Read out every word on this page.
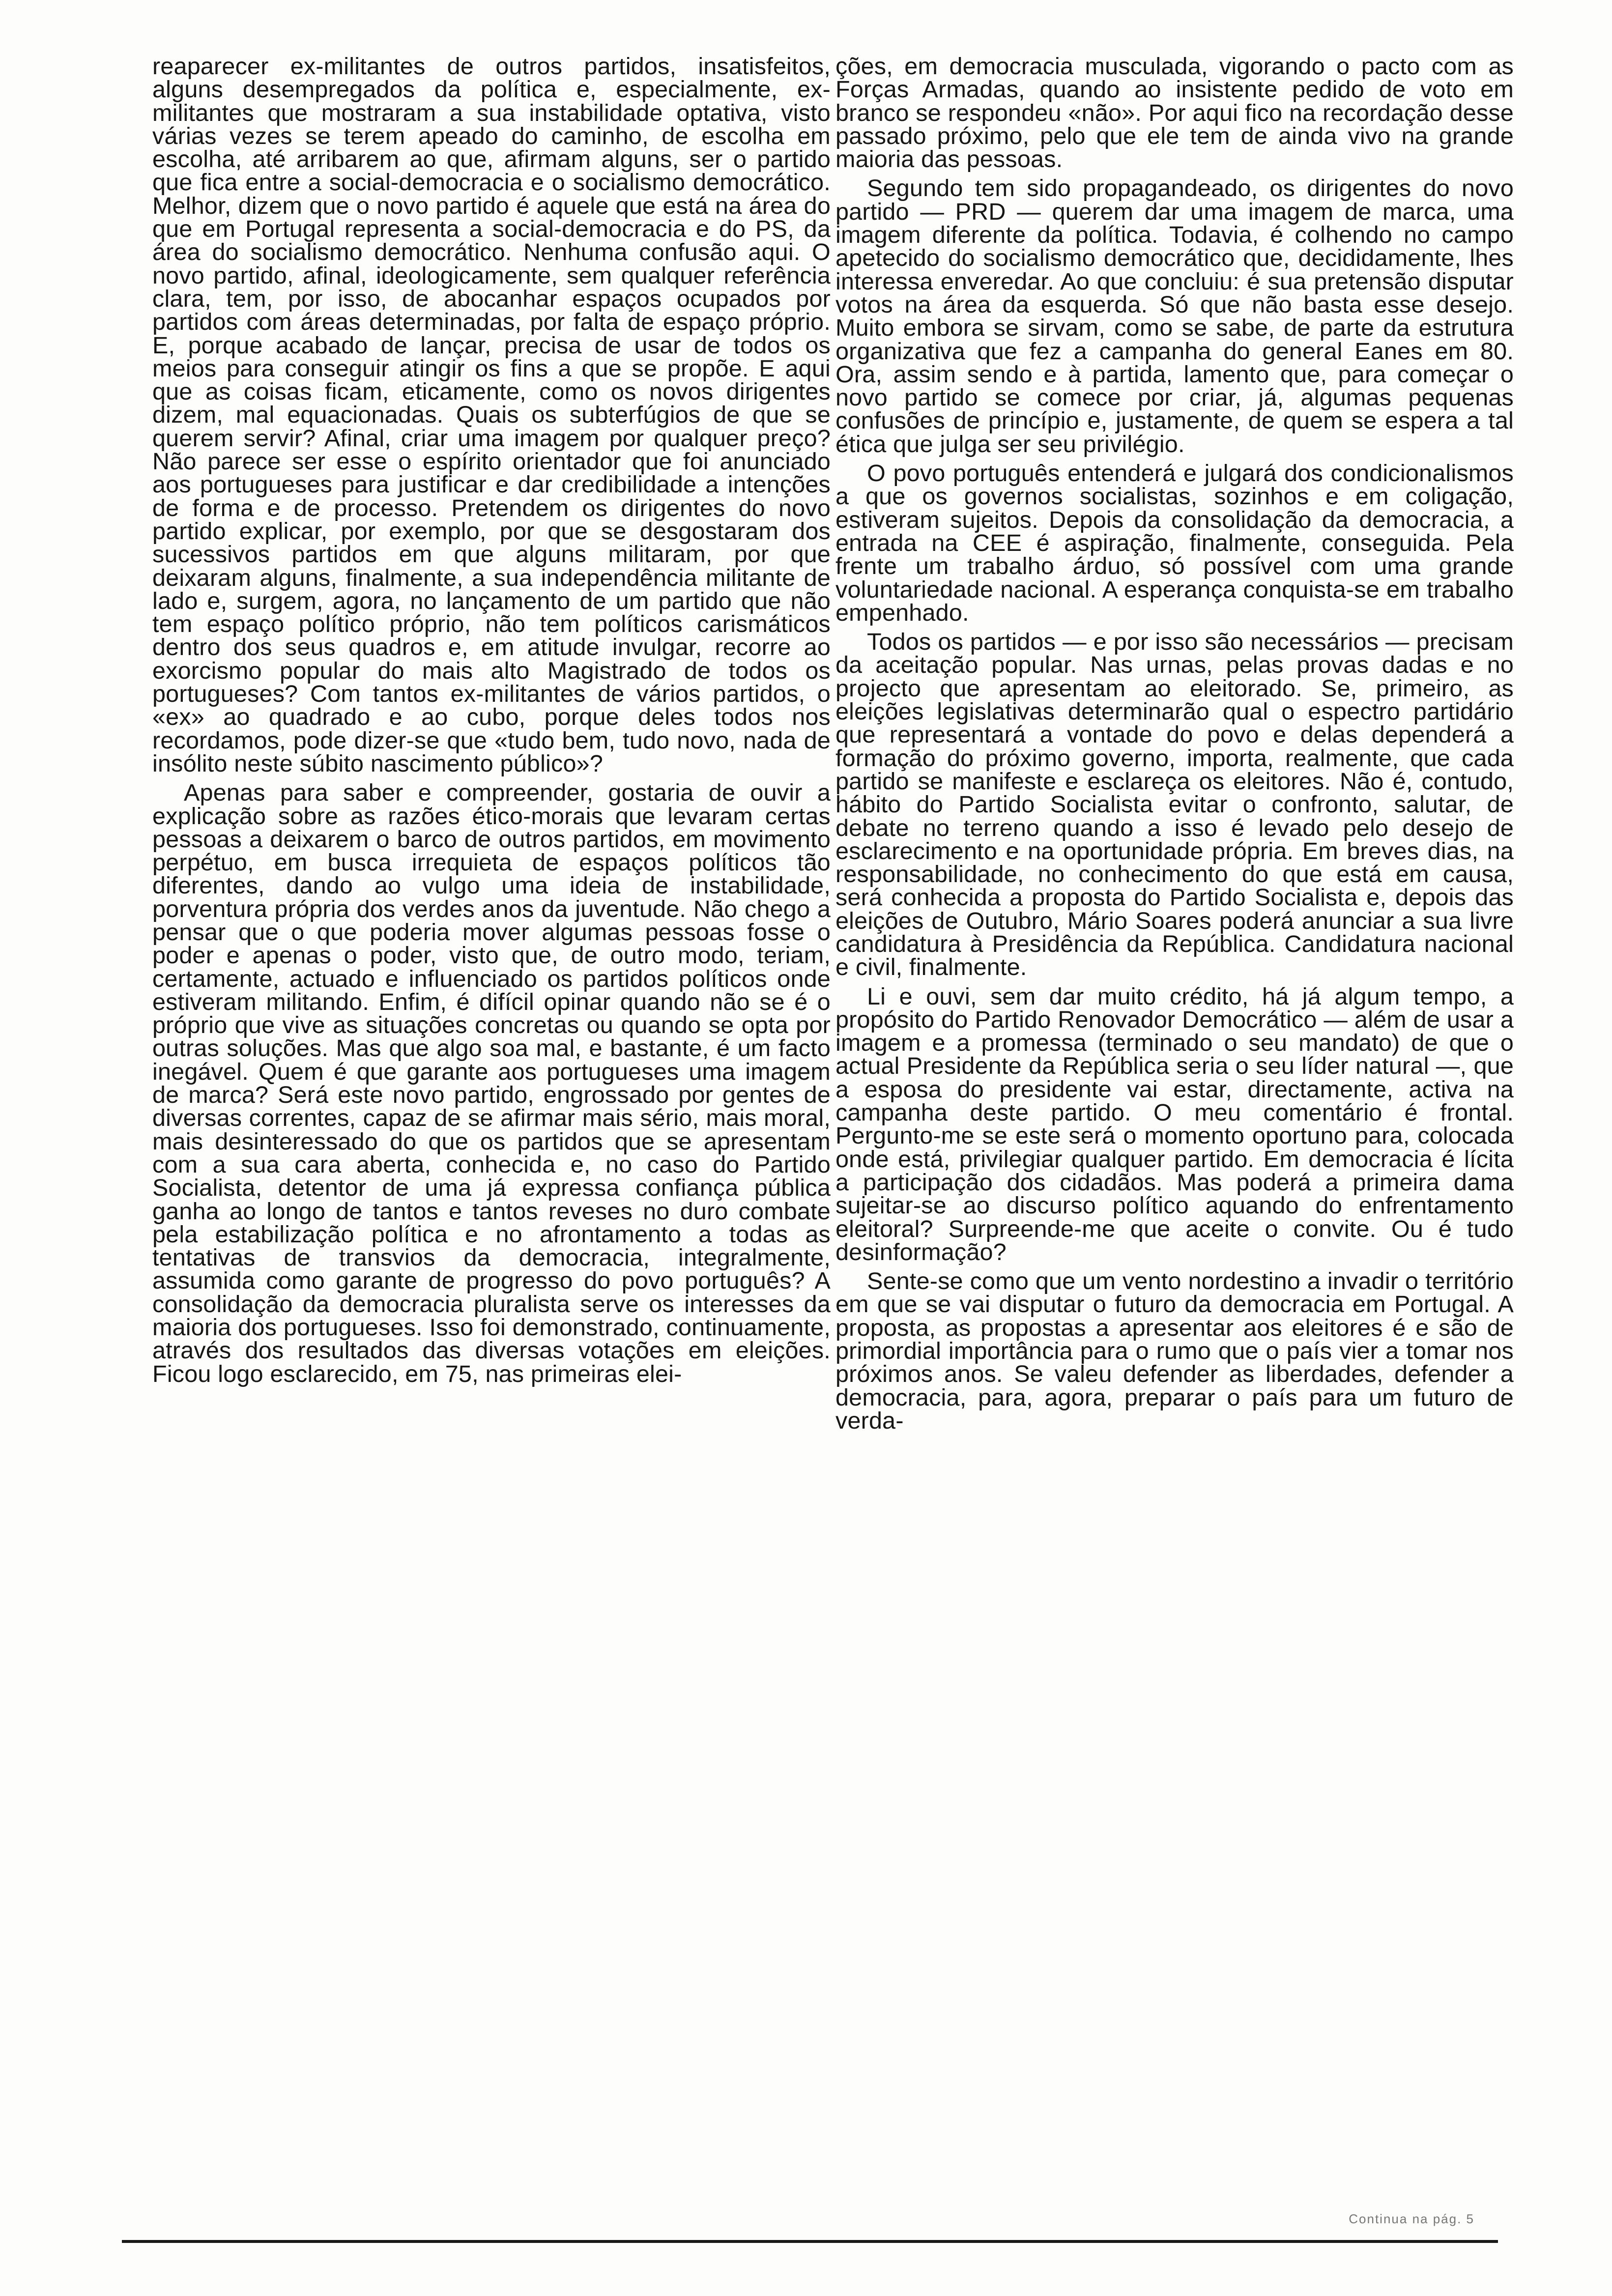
reaparecer ex-militantes de outros partidos, insatisfeitos, alguns desempregados da política e, especialmente, ex-militantes que mostraram a sua instabilidade optativa, visto várias vezes se terem apeado do caminho, de escolha em escolha, até arribarem ao que, afirmam alguns, ser o partido que fica entre a social-democracia e o socialismo democrático. Melhor, dizem que o novo partido é aquele que está na área do que em Portugal representa a social-democracia e do PS, da área do socialismo democrático. Nenhuma confusão aqui. O novo partido, afinal, ideologicamente, sem qualquer referência clara, tem, por isso, de abocanhar espaços ocupados por partidos com áreas determinadas, por falta de espaço próprio. E, porque acabado de lançar, precisa de usar de todos os meios para conseguir atingir os fins a que se propõe. E aqui que as coisas ficam, eticamente, como os novos dirigentes dizem, mal equacionadas. Quais os subterfúgios de que se querem servir? Afinal, criar uma imagem por qualquer preço? Não parece ser esse o espírito orientador que foi anunciado aos portugueses para justificar e dar credibilidade a intenções de forma e de processo. Pretendem os dirigentes do novo partido explicar, por exemplo, por que se desgostaram dos sucessivos partidos em que alguns militaram, por que deixaram alguns, finalmente, a sua independência militante de lado e, surgem, agora, no lançamento de um partido que não tem espaço político próprio, não tem políticos carismáticos dentro dos seus quadros e, em atitude invulgar, recorre ao exorcismo popular do mais alto Magistrado de todos os portugueses? Com tantos ex-militantes de vários partidos, o «ex» ao quadrado e ao cubo, porque deles todos nos recordamos, pode dizer-se que «tudo bem, tudo novo, nada de insólito neste súbito nascimento público»?

Apenas para saber e compreender, gostaria de ouvir a explicação sobre as razões ético-morais que levaram certas pessoas a deixarem o barco de outros partidos, em movimento perpétuo, em busca irrequieta de espaços políticos tão diferentes, dando ao vulgo uma ideia de instabilidade, porventura própria dos verdes anos da juventude. Não chego a pensar que o que poderia mover algumas pessoas fosse o poder e apenas o poder, visto que, de outro modo, teriam, certamente, actuado e influenciado os partidos políticos onde estiveram militando. Enfim, é difícil opinar quando não se é o próprio que vive as situações concretas ou quando se opta por outras soluções. Mas que algo soa mal, e bastante, é um facto inegável. Quem é que garante aos portugueses uma imagem de marca? Será este novo partido, engrossado por gentes de diversas correntes, capaz de se afirmar mais sério, mais moral, mais desinteressado do que os partidos que se apresentam com a sua cara aberta, conhecida e, no caso do Partido Socialista, detentor de uma já expressa confiança pública ganha ao longo de tantos e tantos reveses no duro combate pela estabilização política e no afrontamento a todas as tentativas de transvios da democracia, integralmente, assumida como garante de progresso do povo português? A consolidação da democracia pluralista serve os interesses da maioria dos portugueses. Isso foi demonstrado, continuamente, através dos resultados das diversas votações em eleições. Ficou logo esclarecido, em 75, nas primeiras elei-

ções, em democracia musculada, vigorando o pacto com as Forças Armadas, quando ao insistente pedido de voto em branco se respondeu «não». Por aqui fico na recordação desse passado próximo, pelo que ele tem de ainda vivo na grande maioria das pessoas.

Segundo tem sido propagandeado, os dirigentes do novo partido — PRD — querem dar uma imagem de marca, uma imagem diferente da política. Todavia, é colhendo no campo apetecido do socialismo democrático que, decididamente, lhes interessa enveredar. Ao que concluiu: é sua pretensão disputar votos na área da esquerda. Só que não basta esse desejo. Muito embora se sirvam, como se sabe, de parte da estrutura organizativa que fez a campanha do general Eanes em 80. Ora, assim sendo e à partida, lamento que, para começar o novo partido se comece por criar, já, algumas pequenas confusões de princípio e, justamente, de quem se espera a tal ética que julga ser seu privilégio.

O povo português entenderá e julgará dos condicionalismos a que os governos socialistas, sozinhos e em coligação, estiveram sujeitos. Depois da consolidação da democracia, a entrada na CEE é aspiração, finalmente, conseguida. Pela frente um trabalho árduo, só possível com uma grande voluntariedade nacional. A esperança conquista-se em trabalho empenhado.

Todos os partidos — e por isso são necessários — precisam da aceitação popular. Nas urnas, pelas provas dadas e no projecto que apresentam ao eleitorado. Se, primeiro, as eleições legislativas determinarão qual o espectro partidário que representará a vontade do povo e delas dependerá a formação do próximo governo, importa, realmente, que cada partido se manifeste e esclareça os eleitores. Não é, contudo, hábito do Partido Socialista evitar o confronto, salutar, de debate no terreno quando a isso é levado pelo desejo de esclarecimento e na oportunidade própria. Em breves dias, na responsabilidade, no conhecimento do que está em causa, será conhecida a proposta do Partido Socialista e, depois das eleições de Outubro, Mário Soares poderá anunciar a sua livre candidatura à Presidência da República. Candidatura nacional e civil, finalmente.

Li e ouvi, sem dar muito crédito, há já algum tempo, a propósito do Partido Renovador Democrático — além de usar a imagem e a promessa (terminado o seu mandato) de que o actual Presidente da República seria o seu líder natural —, que a esposa do presidente vai estar, directamente, activa na campanha deste partido. O meu comentário é frontal. Pergunto-me se este será o momento oportuno para, colocada onde está, privilegiar qualquer partido. Em democracia é lícita a participação dos cidadãos. Mas poderá a primeira dama sujeitar-se ao discurso político aquando do enfrentamento eleitoral? Surpreende-me que aceite o convite. Ou é tudo desinformação?

Sente-se como que um vento nordestino a invadir o território em que se vai disputar o futuro da democracia em Portugal. A proposta, as propostas a apresentar aos eleitores é e são de primordial importância para o rumo que o país vier a tomar nos próximos anos. Se valeu defender as liberdades, defender a democracia, para, agora, preparar o país para um futuro de verda-

Continua na pág. 5
